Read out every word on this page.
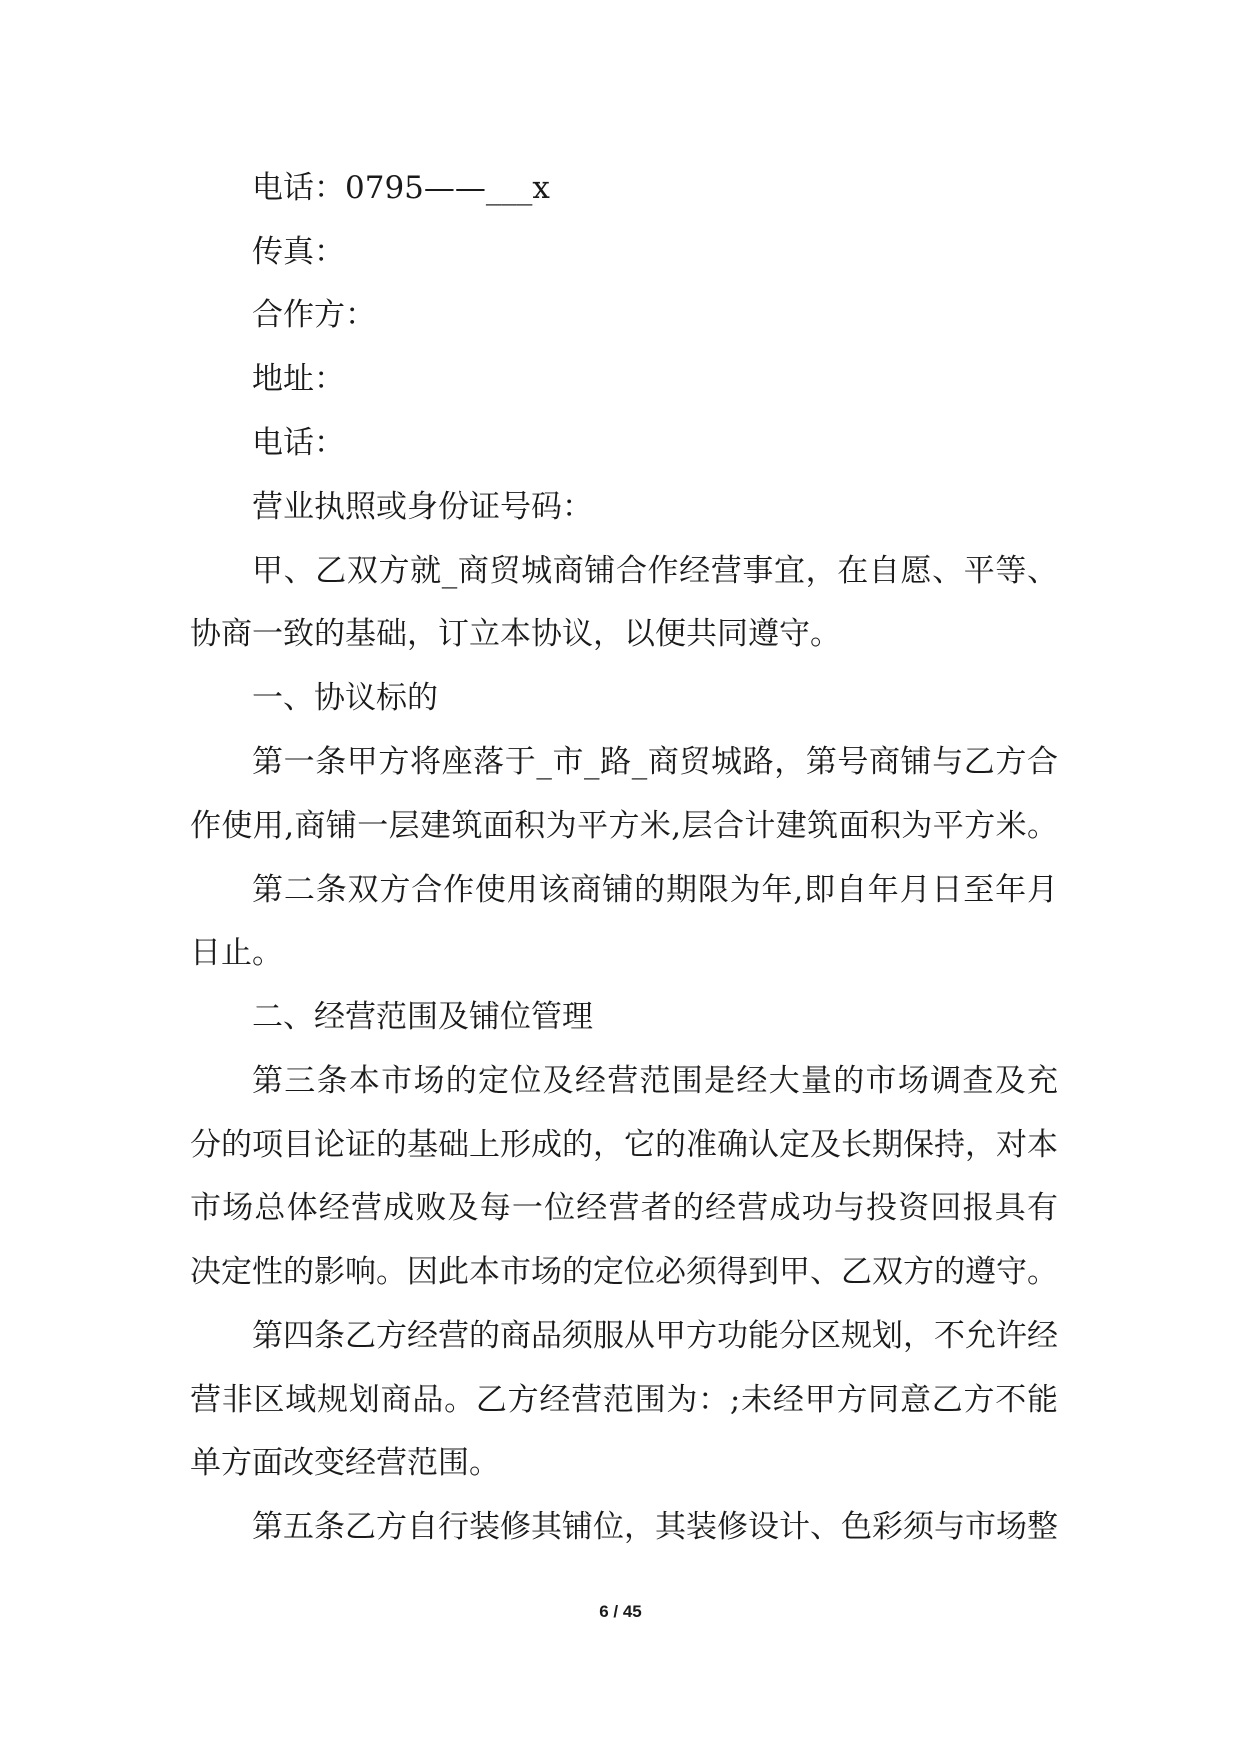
电话：0795——___x
传真：
合作方：
地址：
电话：
营业执照或身份证号码：
甲、乙双方就_商贸城商铺合作经营事宜，在自愿、平等、
协商一致的基础，订立本协议，以便共同遵守。
一、协议标的
第一条甲方将座落于_市_路_商贸城路，第号商铺与乙方合
作使用,商铺一层建筑面积为平方米,层合计建筑面积为平方米。
第二条双方合作使用该商铺的期限为年,即自年月日至年月
日止。
二、经营范围及铺位管理
第三条本市场的定位及经营范围是经大量的市场调查及充
分的项目论证的基础上形成的，它的准确认定及长期保持，对本
市场总体经营成败及每一位经营者的经营成功与投资回报具有
决定性的影响。因此本市场的定位必须得到甲、乙双方的遵守。
第四条乙方经营的商品须服从甲方功能分区规划，不允许经
营非区域规划商品。乙方经营范围为：;未经甲方同意乙方不能
单方面改变经营范围。
第五条乙方自行装修其铺位，其装修设计、色彩须与市场整
6 / 45
